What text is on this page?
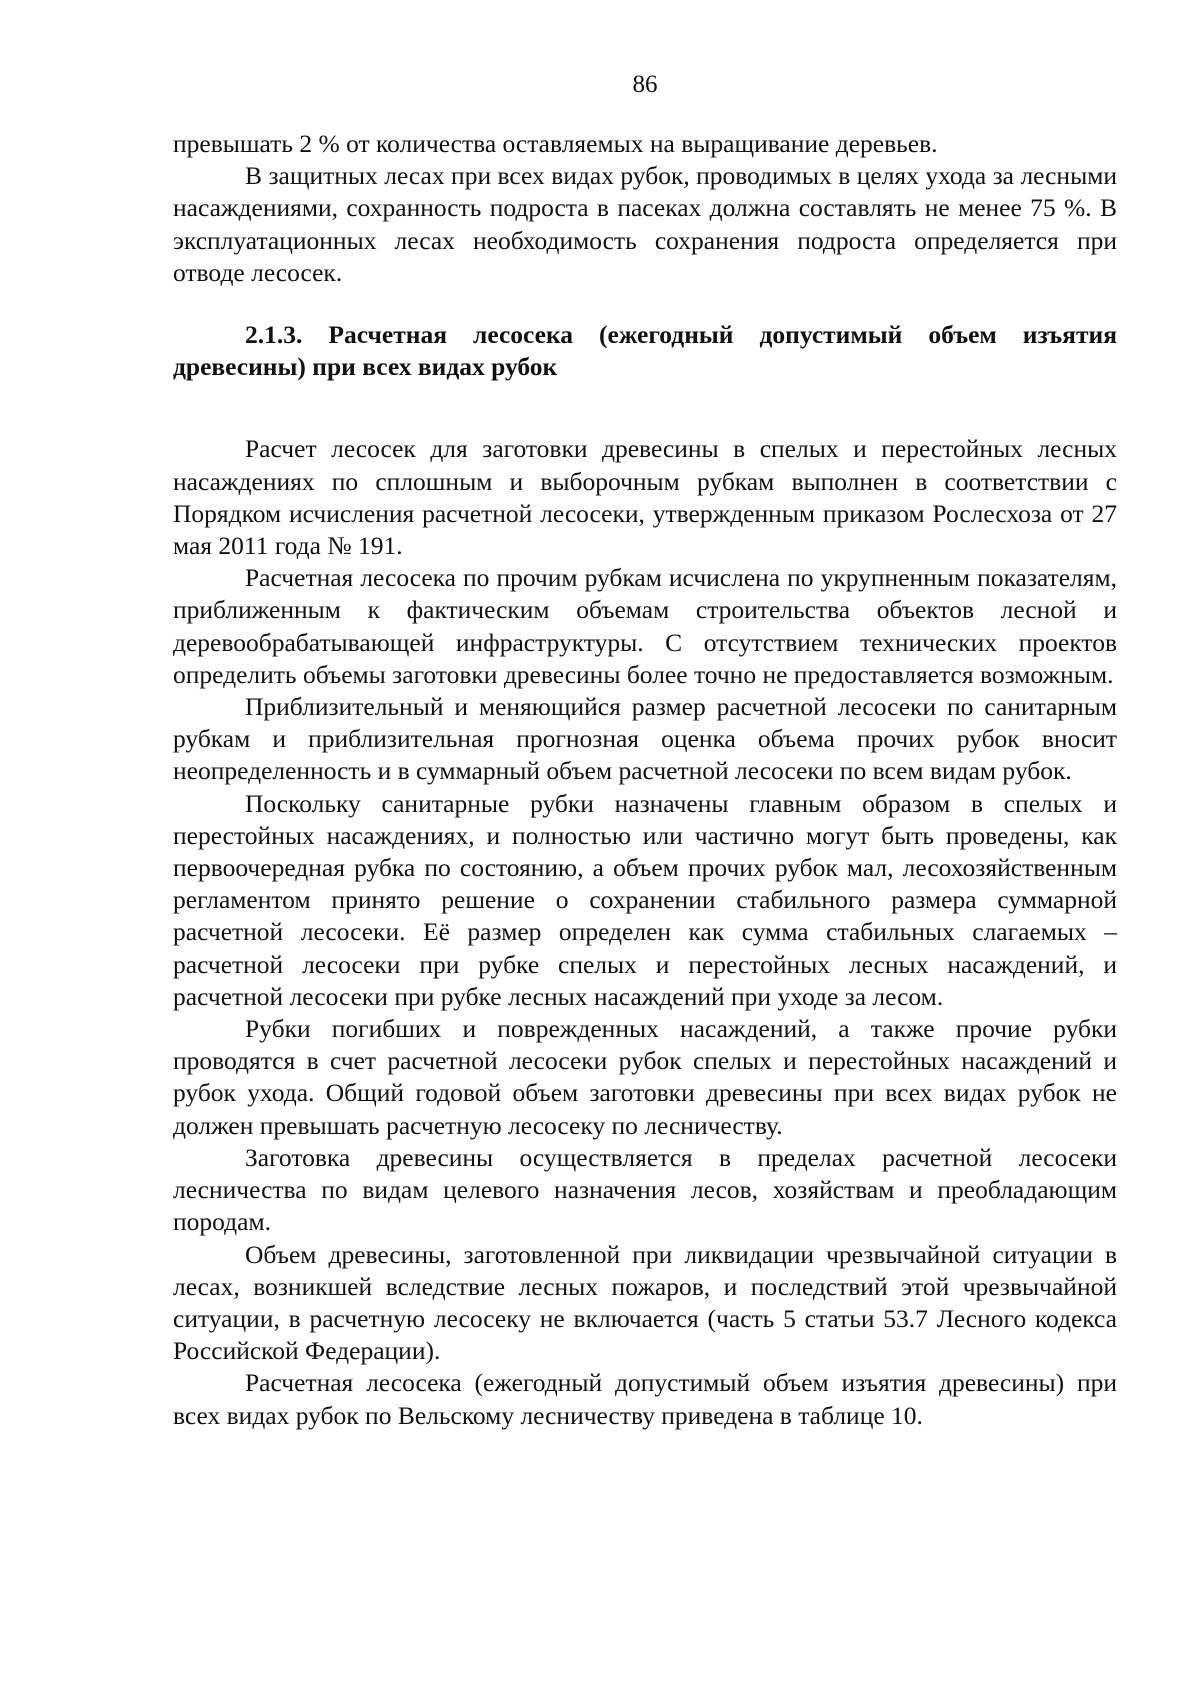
86

превышать 2 % от количества оставляемых на выращивание деревьев.

В защитных лесах при всех видах рубок, проводимых в целях ухода за лесными насаждениями, сохранность подроста в пасеках должна составлять не менее 75 %. В эксплуатационных лесах необходимость сохранения подроста определяется при отводе лесосек.

2.1.3. Расчетная лесосека (ежегодный допустимый объем изъятия древесины) при всех видах рубок

Расчет лесосек для заготовки древесины в спелых и перестойных лесных насаждениях по сплошным и выборочным рубкам выполнен в соответствии с Порядком исчисления расчетной лесосеки, утвержденным приказом Рослесхоза от 27 мая 2011 года № 191.

Расчетная лесосека по прочим рубкам исчислена по укрупненным показателям, приближенным к фактическим объемам строительства объектов лесной и деревообрабатывающей инфраструктуры. С отсутствием технических проектов определить объемы заготовки древесины более точно не предоставляется возможным.

Приблизительный и меняющийся размер расчетной лесосеки по санитарным рубкам и приблизительная прогнозная оценка объема прочих рубок вносит неопределенность и в суммарный объем расчетной лесосеки по всем видам рубок.

Поскольку санитарные рубки назначены главным образом в спелых и перестойных насаждениях, и полностью или частично могут быть проведены, как первоочередная рубка по состоянию, а объем прочих рубок мал, лесохозяйственным регламентом принято решение о сохранении стабильного размера суммарной расчетной лесосеки. Её размер определен как сумма стабильных слагаемых – расчетной лесосеки при рубке спелых и перестойных лесных насаждений, и расчетной лесосеки при рубке лесных насаждений при уходе за лесом.

Рубки погибших и поврежденных насаждений, а также прочие рубки проводятся в счет расчетной лесосеки рубок спелых и перестойных насаждений и рубок ухода. Общий годовой объем заготовки древесины при всех видах рубок не должен превышать расчетную лесосеку по лесничеству.

Заготовка древесины осуществляется в пределах расчетной лесосеки лесничества по видам целевого назначения лесов, хозяйствам и преобладающим породам.

Объем древесины, заготовленной при ликвидации чрезвычайной ситуации в лесах, возникшей вследствие лесных пожаров, и последствий этой чрезвычайной ситуации, в расчетную лесосеку не включается (часть 5 статьи 53.7 Лесного кодекса Российской Федерации).

Расчетная лесосека (ежегодный допустимый объем изъятия древесины) при всех видах рубок по Вельскому лесничеству приведена в таблице 10.
